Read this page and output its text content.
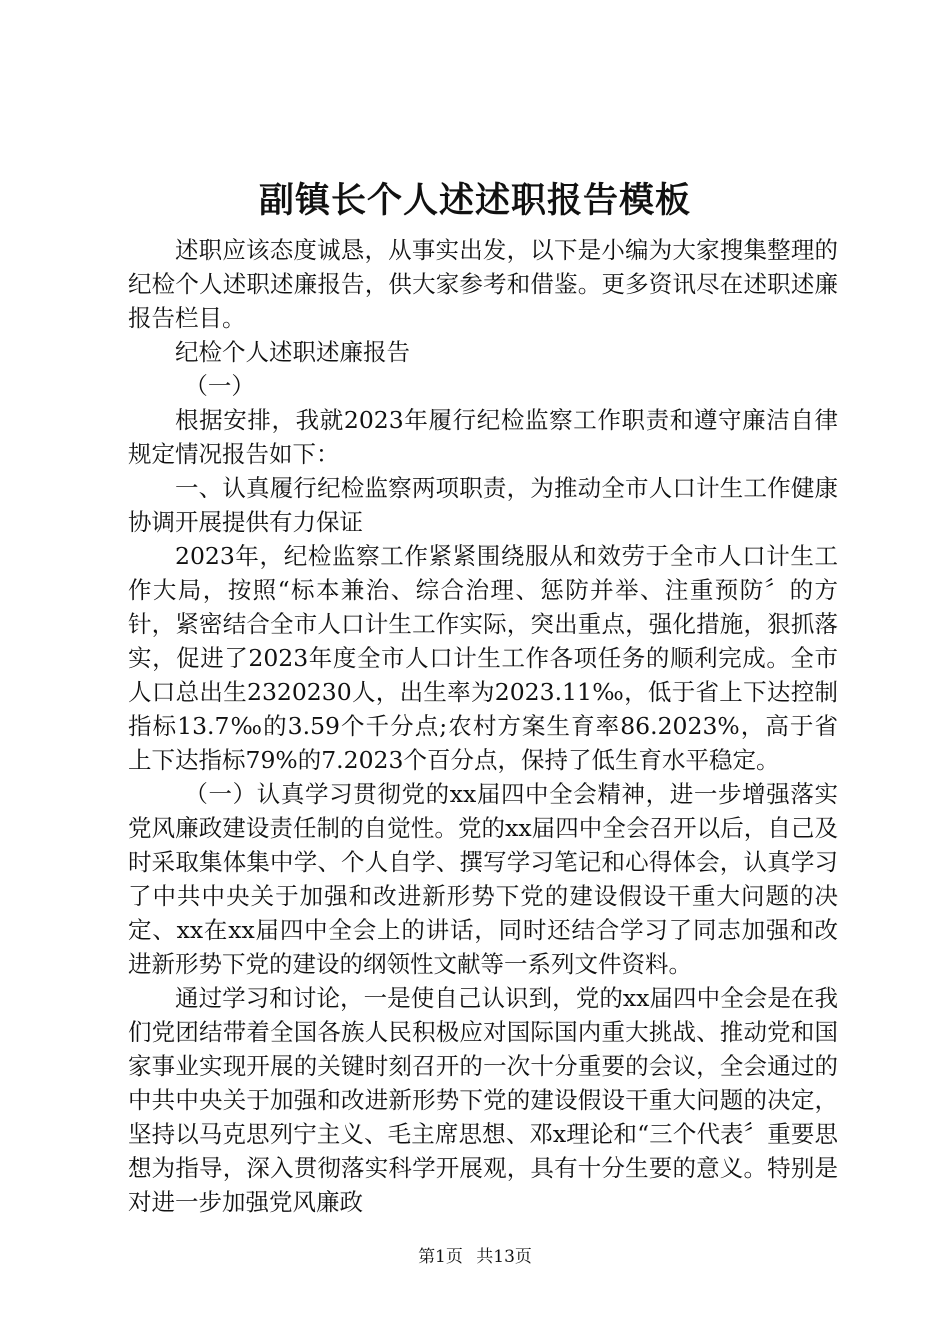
副镇长个人述述职报告模板

述职应该态度诚恳，从事实出发，以下是小编为大家搜集整理的纪检个人述职述廉报告，供大家参考和借鉴。更多资讯尽在述职述廉报告栏目。

纪检个人述职述廉报告

（一）

根据安排，我就2023年履行纪检监察工作职责和遵守廉洁自律规定情况报告如下：

一、认真履行纪检监察两项职责，为推动全市人口计生工作健康协调开展提供有力保证

2023年，纪检监察工作紧紧围绕服从和效劳于全市人口计生工作大局，按照“标本兼治、综合治理、惩防并举、注重预防〞的方针，紧密结合全市人口计生工作实际，突出重点，强化措施，狠抓落实，促进了2023年度全市人口计生工作各项任务的顺利完成。全市人口总出生2320230人，出生率为2023.11‰，低于省上下达控制指标13.7‰的3.59个千分点;农村方案生育率86.2023%，高于省上下达指标79%的7.2023个百分点，保持了低生育水平稳定。

（一）认真学习贯彻党的xx届四中全会精神，进一步增强落实党风廉政建设责任制的自觉性。党的xx届四中全会召开以后，自己及时采取集体集中学、个人自学、撰写学习笔记和心得体会，认真学习了中共中央关于加强和改进新形势下党的建设假设干重大问题的决定、xx在xx届四中全会上的讲话，同时还结合学习了同志加强和改进新形势下党的建设的纲领性文献等一系列文件资料。

通过学习和讨论，一是使自己认识到，党的xx届四中全会是在我们党团结带着全国各族人民积极应对国际国内重大挑战、推动党和国家事业实现开展的关键时刻召开的一次十分重要的会议，全会通过的中共中央关于加强和改进新形势下党的建设假设干重大问题的决定，坚持以马克思列宁主义、毛主席思想、邓x理论和“三个代表〞重要思想为指导，深入贯彻落实科学开展观，具有十分生要的意义。特别是对进一步加强党风廉政

第1页 共13页
